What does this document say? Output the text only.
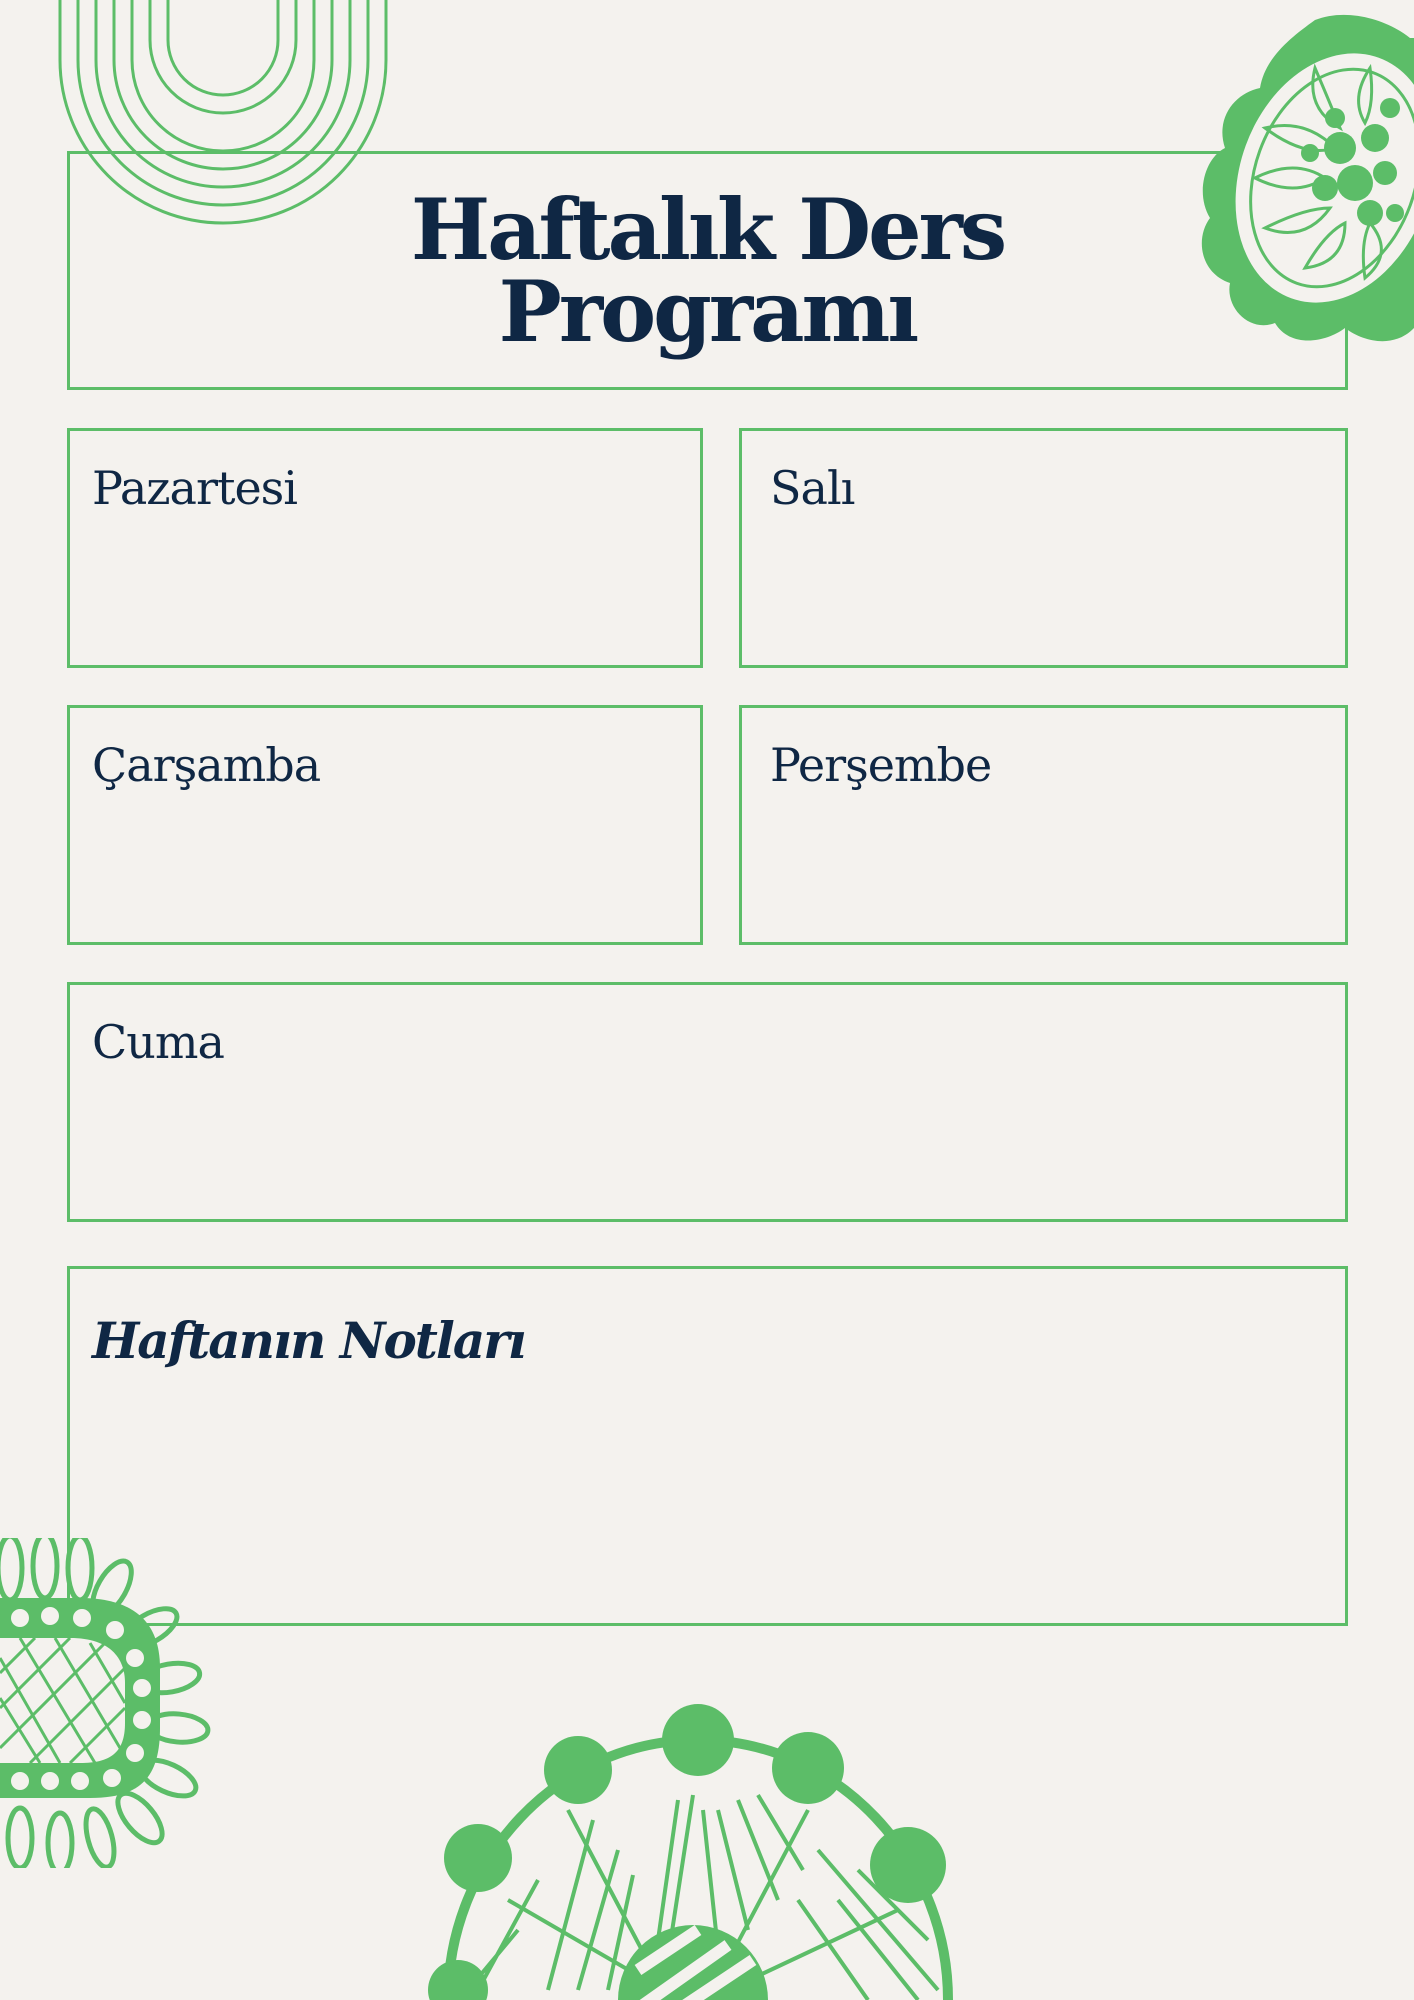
Haftalık Ders
Programı
Pazartesi	Salı
Çarşamba	Perşembe
Cuma
Haftanın Notları
